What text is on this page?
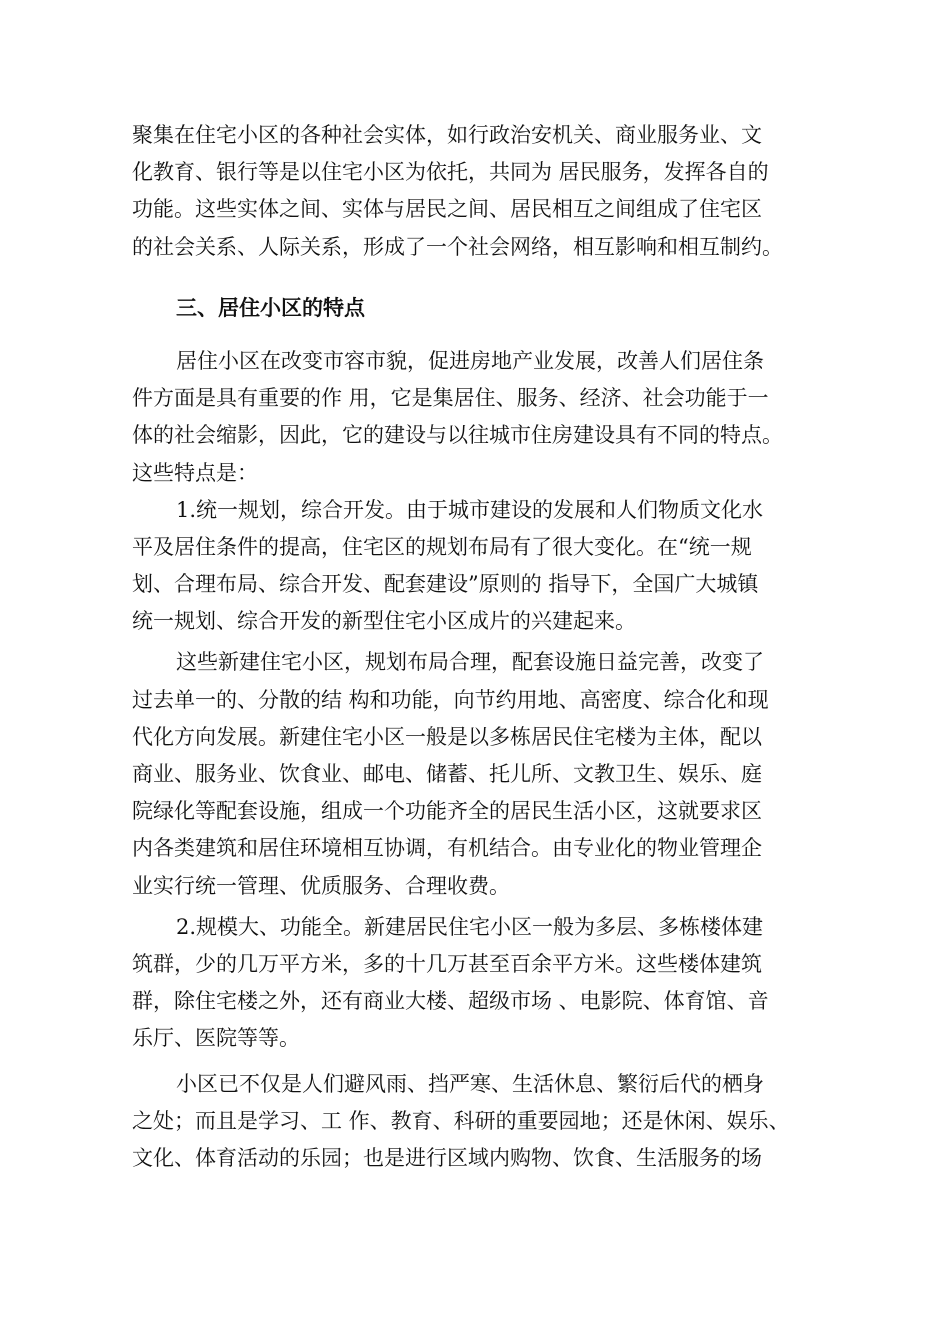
聚集在住宅小区的各种社会实体，如行政治安机关、商业服务业、文
化教育、银行等是以住宅小区为依托，共同为 居民服务，发挥各自的
功能。这些实体之间、实体与居民之间、居民相互之间组成了住宅区
的社会关系、人际关系，形成了一个社会网络，相互影响和相互制约。
三、居住小区的特点
居住小区在改变市容市貌，促进房地产业发展，改善人们居住条
件方面是具有重要的作 用，它是集居住、服务、经济、社会功能于一
体的社会缩影，因此，它的建设与以往城市住房建设具有不同的特点。
这些特点是：
1.统一规划，综合开发。由于城市建设的发展和人们物质文化水
平及居住条件的提高，住宅区的规划布局有了很大变化。在“统一规
划、合理布局、综合开发、配套建设”原则的 指导下，全国广大城镇
统一规划、综合开发的新型住宅小区成片的兴建起来。
这些新建住宅小区，规划布局合理，配套设施日益完善，改变了
过去单一的、分散的结 构和功能，向节约用地、高密度、综合化和现
代化方向发展。新建住宅小区一般是以多栋居民住宅楼为主体，配以
商业、服务业、饮食业、邮电、储蓄、托儿所、文教卫生、娱乐、庭
院绿化等配套设施，组成一个功能齐全的居民生活小区，这就要求区
内各类建筑和居住环境相互协调，有机结合。由专业化的物业管理企
业实行统一管理、优质服务、合理收费。
2.规模大、功能全。新建居民住宅小区一般为多层、多栋楼体建
筑群，少的几万平方米，多的十几万甚至百余平方米。这些楼体建筑
群，除住宅楼之外，还有商业大楼、超级市场 、电影院、体育馆、音
乐厅、医院等等。
小区已不仅是人们避风雨、挡严寒、生活休息、繁衍后代的栖身
之处；而且是学习、工 作、教育、科研的重要园地；还是休闲、娱乐、
文化、体育活动的乐园；也是进行区域内购物、饮食、生活服务的场
